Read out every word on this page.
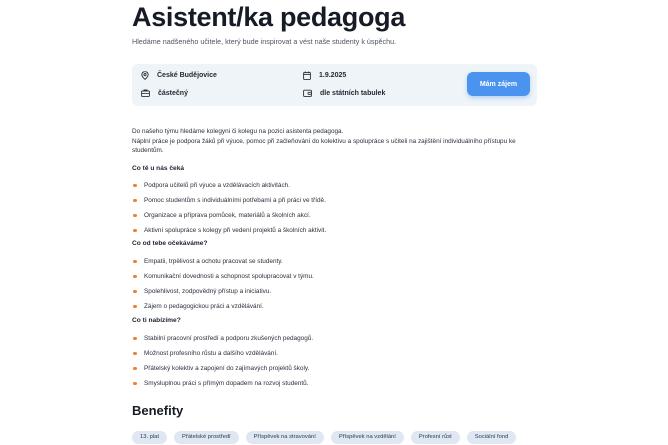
Asistent/ka pedagoga
Hledáme nadšeného učitele, který bude inspirovat a vést naše studenty k úspěchu.
České Budějovice
částečný
1.9.2025
dle státních tabulek
Mám zájem
Do našeho týmu hledáme kolegyni či kolegu na pozici asistenta pedagoga.
Náplní práce je podpora žáků při výuce, pomoc při začleňování do kolektivu a spolupráce s učiteli na zajištění individuálního přístupu ke studentům.
Co tě u nás čeká
Podpora učitelů při výuce a vzdělávacích aktivitách.
Pomoc studentům s individuálními potřebami a při práci ve třídě.
Organizace a příprava pomůcek, materiálů a školních akcí.
Aktivní spolupráce s kolegy při vedení projektů a školních aktivit.
Co od tebe očekáváme?
Empatii, trpělivost a ochotu pracovat se studenty.
Komunikační dovednosti a schopnost spolupracovat v týmu.
Spolehlivost, zodpovědný přístup a iniciativu.
Zájem o pedagogickou práci a vzdělávání.
Co ti nabízíme?
Stabilní pracovní prostředí a podporu zkušených pedagogů.
Možnost profesního růstu a dalšího vzdělávání.
Přátelský kolektiv a zapojení do zajímavých projektů školy.
Smysluplnou práci s přímým dopadem na rozvoj studentů.
Benefity
13. plat	Přátelské prostředí	Příspěvek na stravování	Příspěvek na vzdělání	Profesní růst	Sociální fond
